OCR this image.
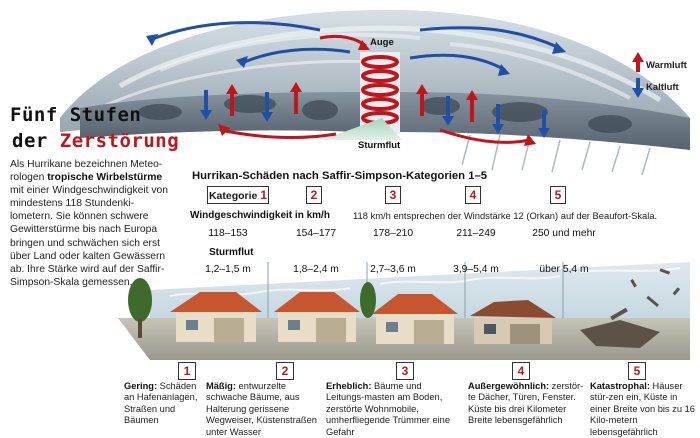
Fünf Stufen
der Zerstörung
Als Hurrikane bezeichnen Meteo-rologen tropische Wirbelstürme mit einer Windgeschwindigkeit von mindestens 118 Stundenki-lometern. Sie können schwere Gewitterstürme bis nach Europa bringen und schwächen sich erst über Land oder kalten Gewässern ab. Ihre Stärke wird auf der Saffir-Simpson-Skala gemessen.
Auge
Sturmflut
Warmluft
Kaltluft
Hurrikan-Schäden nach Saffir-Simpson-Kategorien 1–5
Kategorie 1	2	3	4	5
Windgeschwindigkeit in km/h 118 km/h entsprechen der Windstärke 12 (Orkan) auf der Beaufort-Skala.
118–153	154–177	178–210	211–249	250 und mehr
Sturmflut
1,2–1,5 m	1,8–2,4 m	2,7–3,6 m	3,9–5,4 m	über 5,4 m
1	2	3	4	5
Gering: Schäden an Hafenanlagen, Straßen und Bäumen
Mäßig: entwurzelte schwache Bäume, aus Halterung gerissene Wegweiser, Küstenstraßen unter Wasser
Erheblich: Bäume und Leitungs-masten am Boden, zerstörte Wohnmobile, umherfliegende Trümmer eine Gefahr
Außergewöhnlich: zerstör-te Dächer, Türen, Fenster. Küste bis drei Kilometer Breite lebensgefährlich
Katastrophal: Häuser stür-zen ein, Küste in einer Breite von bis zu 16 Kilo-metern lebensgefährlich
